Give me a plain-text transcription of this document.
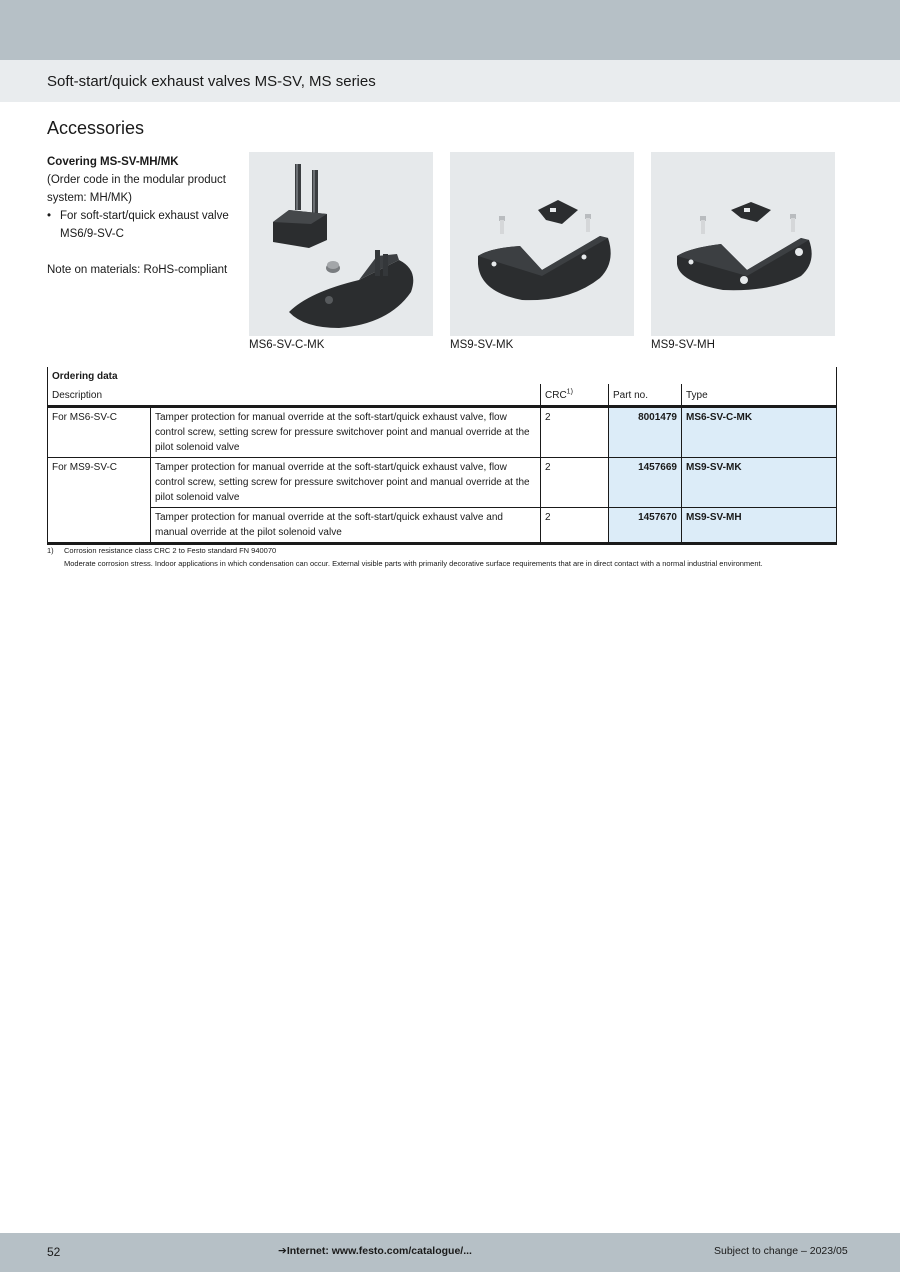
Soft-start/quick exhaust valves MS-SV, MS series
Accessories
Covering MS-SV-MH/MK
(Order code in the modular product system: MH/MK)
• For soft-start/quick exhaust valve MS6/9-SV-C
Note on materials: RoHS-compliant
MS6-SV-C-MK	MS9-SV-MK	MS9-SV-MH
Ordering data				
Description		CRC$^{1)}$	Part no.	Type
For MS6-SV-C	Tamper protection for manual override at the soft-start/quick exhaust valve, flow control screw, setting screw for pressure switchover point and manual override at the pilot solenoid valve	2	8001479	MS6-SV-C-MK
For MS9-SV-C	Tamper protection for manual override at the soft-start/quick exhaust valve, flow control screw, setting screw for pressure switchover point and manual override at the pilot solenoid valve	2	1457669	MS9-SV-MK
	Tamper protection for manual override at the soft-start/quick exhaust valve and manual override at the pilot solenoid valve	2	1457670	MS9-SV-MH
1)	Corrosion resistance class CRC 2 to Festo standard FN 940070
Moderate corrosion stress. Indoor applications in which condensation can occur. External visible parts with primarily decorative surface requirements that are in direct contact with a normal industrial environment.
52	➔Internet: www.festo.com/catalogue/...	Subject to change – 2023/05
